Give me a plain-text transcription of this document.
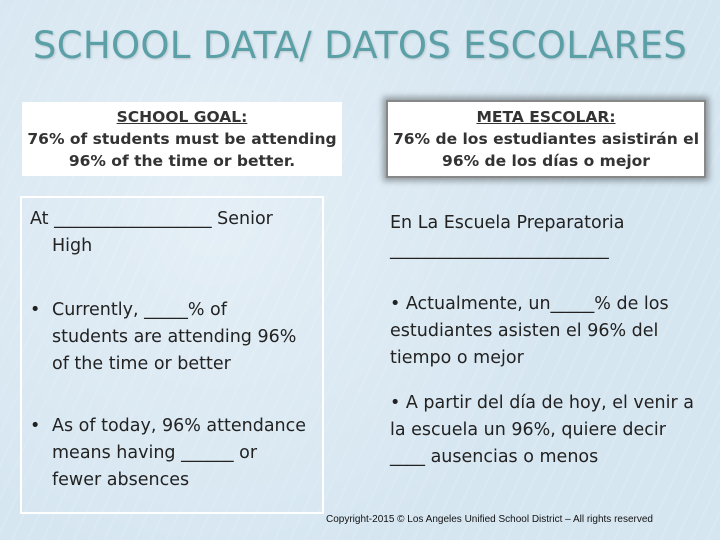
SCHOOL DATA/ DATOS ESCOLARES
SCHOOL GOAL:
76% of students must be attending
96% of the time or better.
META ESCOLAR:
76% de los estudiantes asistirán el
96% de los días o mejor
At __________________ Senior
High
• Currently, _____% of
students are attending 96%
of the time or better
• As of today, 96% attendance
means having ______ or
fewer absences
En La Escuela Preparatoria
_________________________
• Actualmente, un_____% de los
estudiantes asisten el 96% del
tiempo o mejor
• A partir del día de hoy, el venir a
la escuela un 96%, quiere decir
____ ausencias o menos
Copyright-2015 © Los Angeles Unified School District – All rights reserved
